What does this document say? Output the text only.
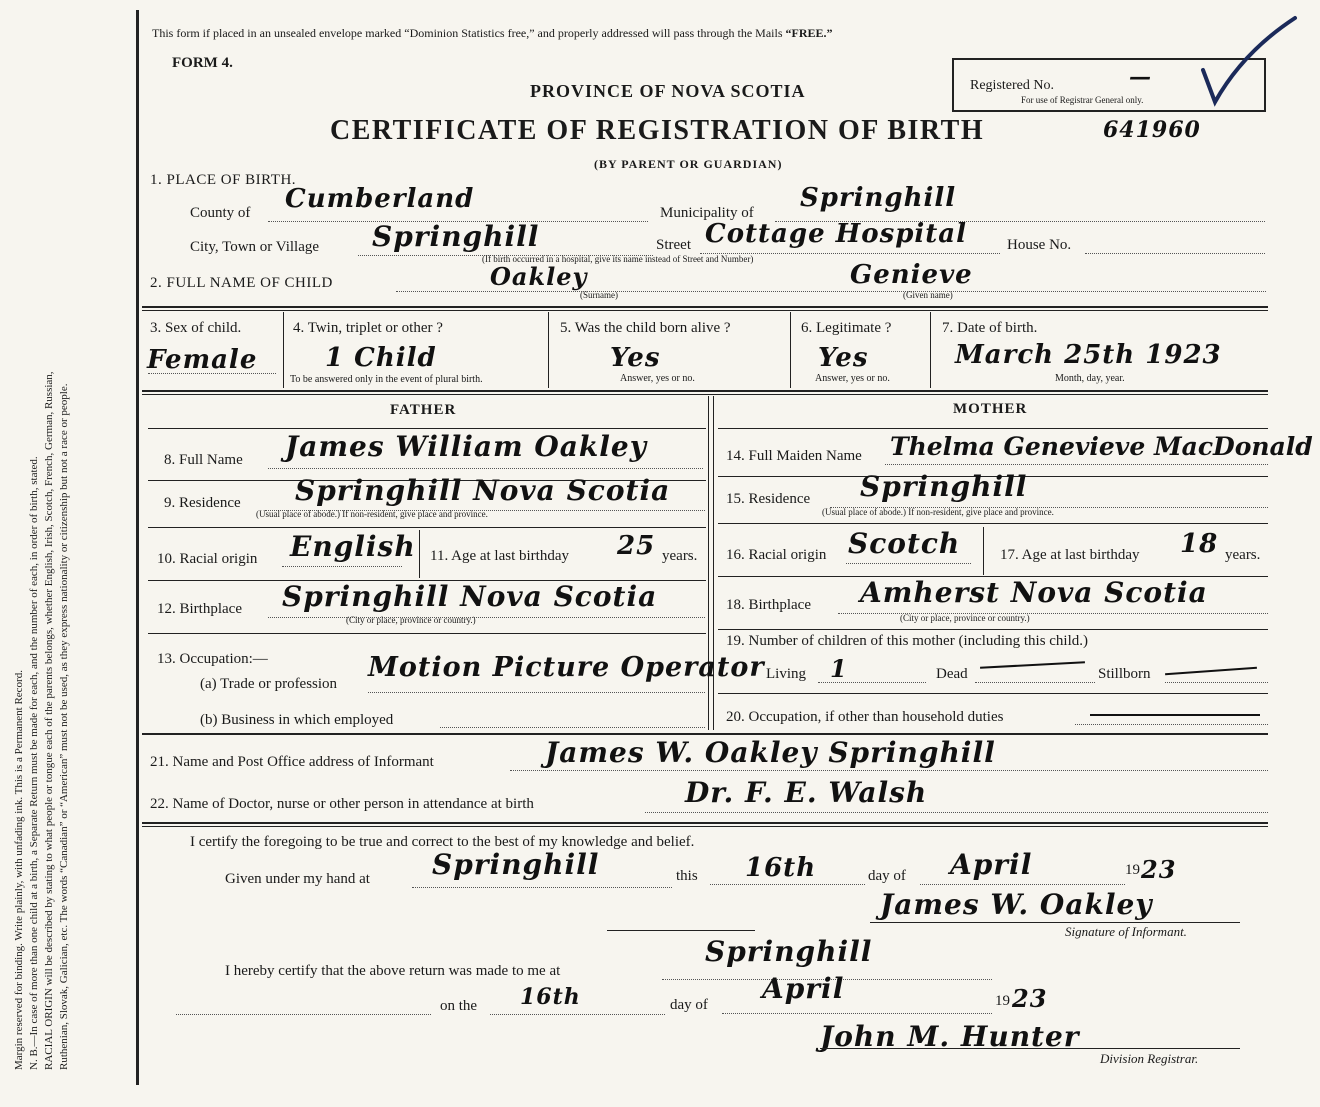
Margin reserved for binding. Write plainly, with unfading ink. This is a Permanent Record. N. B.—In case of more than one child at a birth, a Separate Return must be made for each, and the number of each, in order of birth, stated. RACIAL ORIGIN will be described by stating to what people or tongue each of the parents belongs, whether English, Irish, Scotch, French, German, Russian, Ruthenian, Slovak, Galician, etc. The words “Canadian” or “American” must not be used, as they express nationality or citizenship but not a race or people.
This form if placed in an unsealed envelope marked “Dominion Statistics free,” and properly addressed will pass through the Mails “FREE.”
FORM 4.
PROVINCE OF NOVA SCOTIA
CERTIFICATE OF REGISTRATION OF BIRTH	641960
(BY PARENT OR GUARDIAN)
Registered No.	—
For use of Registrar General only.
1. PLACE OF BIRTH.
County of Cumberland	Municipality of Springhill
City, Town or Village Springhill	Street Cottage Hospital	House No.
(If birth occurred in a hospital, give its name instead of Street and Number)
2. FULL NAME OF CHILD	Oakley
(Surname)
Genieve
(Given name)
3. Sex of child.
Female
4. Twin, triplet or other ?
1 Child
To be answered only in the event of plural birth.
5. Was the child born alive ?
Yes
Answer, yes or no.
6. Legitimate ?
Yes
Answer, yes or no.
7. Date of birth.
March 25th 1923
Month, day, year.
FATHER	MOTHER
8. Full Name James William Oakley
9. Residence Springhill Nova Scotia
(Usual place of abode.) If non-resident, give place and province.
10. Racial origin English 11. Age at last birthday 25 years.
12. Birthplace Springhill Nova Scotia
(City or place, province or country.)
13. Occupation:—
(a) Trade or profession
Motion Picture Operator
(b) Business in which employed
14. Full Maiden Name Thelma Genevieve MacDonald
15. Residence Springhill
(Usual place of abode.) If non-resident, give place and province.
16. Racial origin Scotch	17. Age at last birthday 18 years.
18. Birthplace Amherst Nova Scotia
(City or place, province or country.)
19. Number of children of this mother (including this child.)
Living 1	Dead	Stillborn
20. Occupation, if other than household duties
21. Name and Post Office address of Informant	James W. Oakley Springhill
22. Name of Doctor, nurse or other person in attendance at birth	Dr. F. E. Walsh
I certify the foregoing to be true and correct to the best of my knowledge and belief.
Given under my hand at Springhill	this 16th	day of April	19 23
James W. Oakley
Signature of Informant.
I hereby certify that the above return was made to me at
Springhill
on the 16th	day of April	19 23
John M. Hunter
Division Registrar.
